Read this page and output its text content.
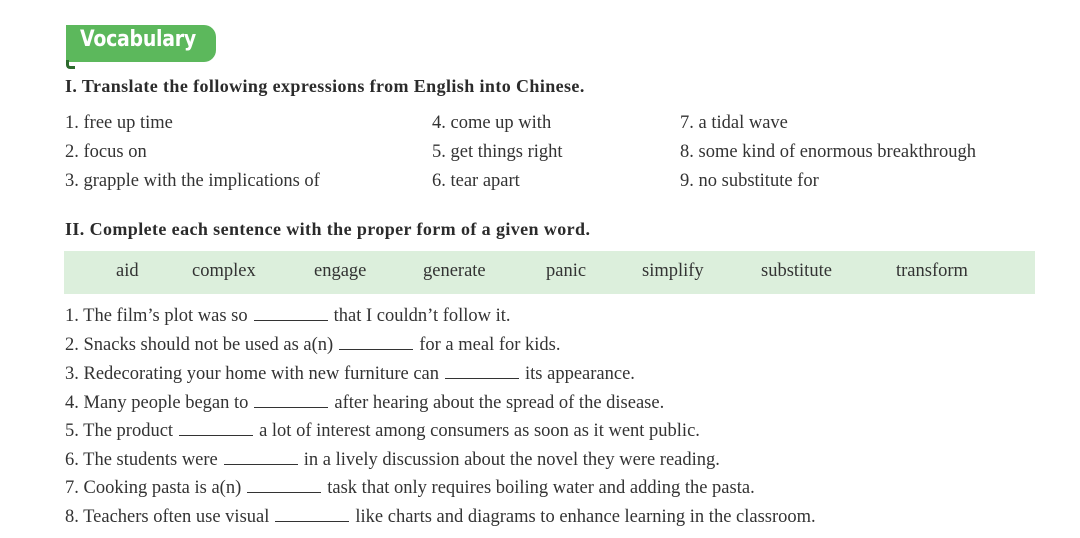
Vocabulary
I. Translate the following expressions from English into Chinese.
1. free up time
2. focus on
3. grapple with the implications of
4. come up with
5. get things right
6. tear apart
7. a tidal wave
8. some kind of enormous breakthrough
9. no substitute for
II. Complete each sentence with the proper form of a given word.
aid	complex	engage	generate	panic	simplify	substitute	transform
1. The film’s plot was so	that I couldn’t follow it.
2. Snacks should not be used as a(n)	for a meal for kids.
3. Redecorating your home with new furniture can	its appearance.
4. Many people began to	after hearing about the spread of the disease.
5. The product	a lot of interest among consumers as soon as it went public.
6. The students were	in a lively discussion about the novel they were reading.
7. Cooking pasta is a(n)	task that only requires boiling water and adding the pasta.
8. Teachers often use visual	like charts and diagrams to enhance learning in the classroom.
